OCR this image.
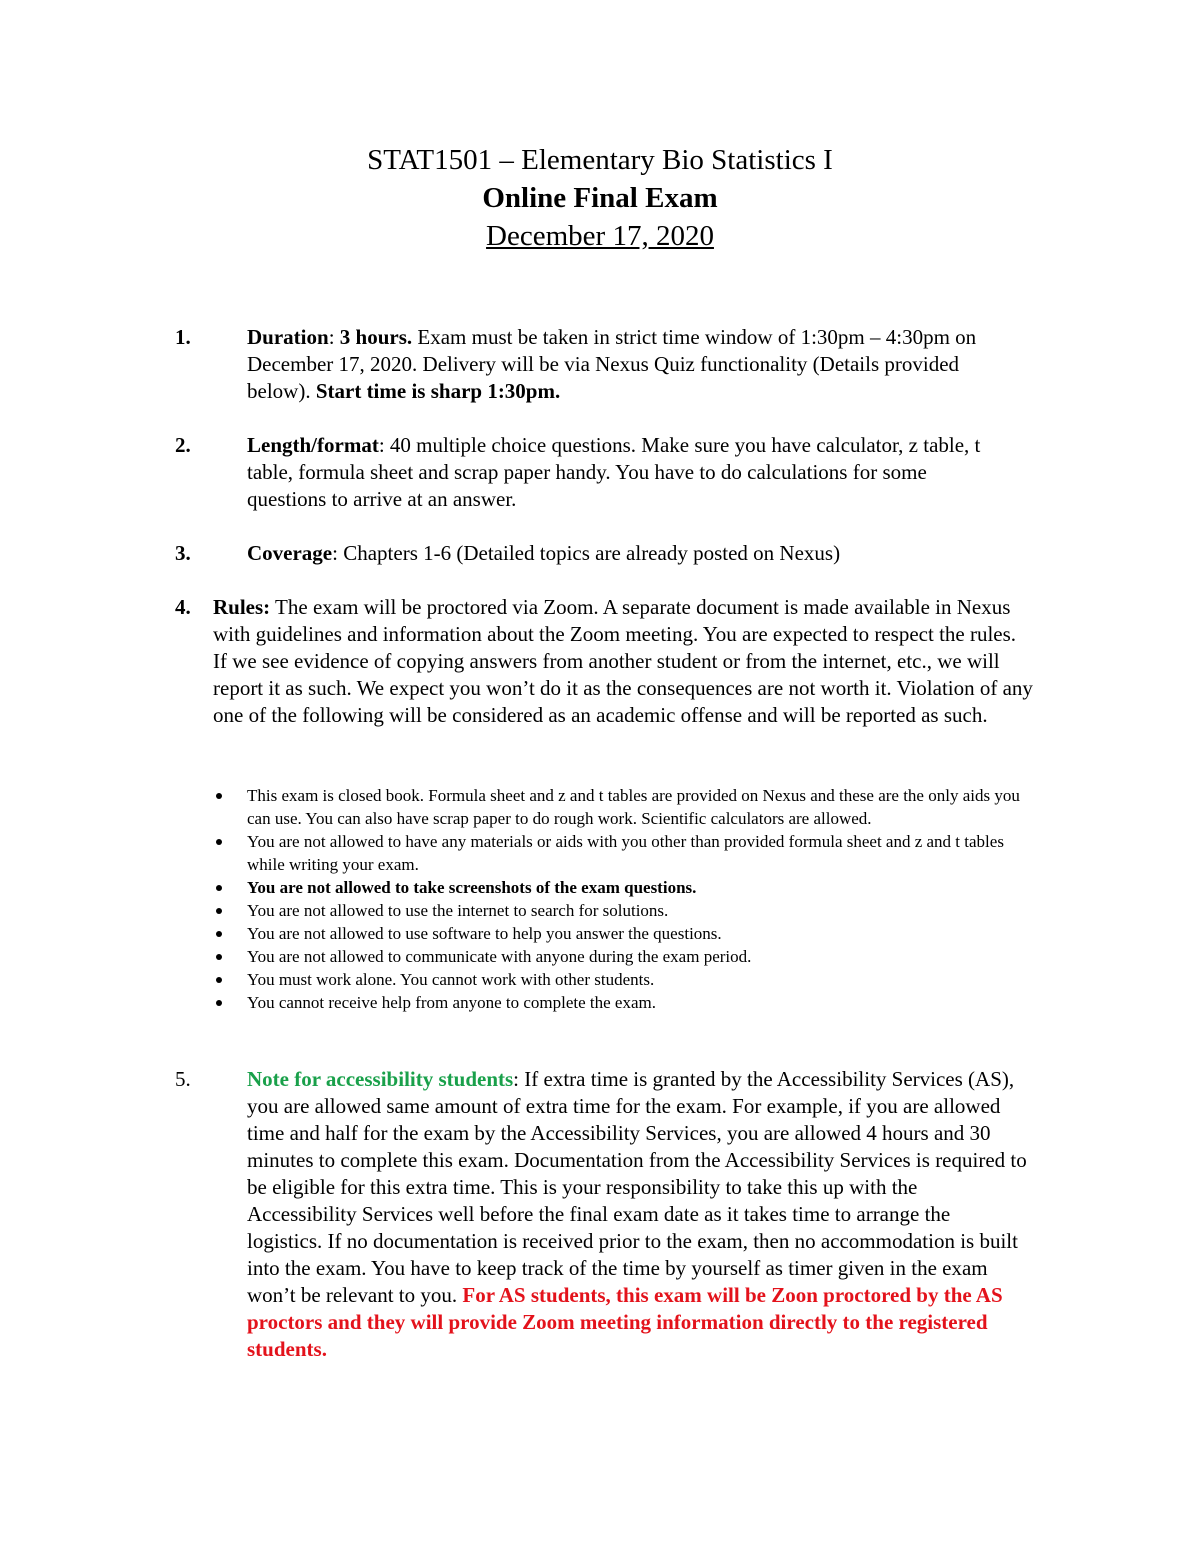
STAT1501 – Elementary Bio Statistics I
Online Final Exam
December 17, 2020
1.	Duration: 3 hours. Exam must be taken in strict time window of 1:30pm – 4:30pm on December 17, 2020. Delivery will be via Nexus Quiz functionality (Details provided below). Start time is sharp 1:30pm.
2.	Length/format: 40 multiple choice questions. Make sure you have calculator, z table, t table, formula sheet and scrap paper handy. You have to do calculations for some questions to arrive at an answer.
3.	Coverage: Chapters 1-6 (Detailed topics are already posted on Nexus)
4. Rules: The exam will be proctored via Zoom. A separate document is made available in Nexus with guidelines and information about the Zoom meeting. You are expected to respect the rules. If we see evidence of copying answers from another student or from the internet, etc., we will report it as such. We expect you won’t do it as the consequences are not worth it. Violation of any one of the following will be considered as an academic offense and will be reported as such.
This exam is closed book. Formula sheet and z and t tables are provided on Nexus and these are the only aids you can use. You can also have scrap paper to do rough work. Scientific calculators are allowed.
You are not allowed to have any materials or aids with you other than provided formula sheet and z and t tables while writing your exam.
You are not allowed to take screenshots of the exam questions.
You are not allowed to use the internet to search for solutions.
You are not allowed to use software to help you answer the questions.
You are not allowed to communicate with anyone during the exam period.
You must work alone. You cannot work with other students.
You cannot receive help from anyone to complete the exam.
5.	Note for accessibility students: If extra time is granted by the Accessibility Services (AS), you are allowed same amount of extra time for the exam. For example, if you are allowed time and half for the exam by the Accessibility Services, you are allowed 4 hours and 30 minutes to complete this exam. Documentation from the Accessibility Services is required to be eligible for this extra time. This is your responsibility to take this up with the Accessibility Services well before the final exam date as it takes time to arrange the logistics. If no documentation is received prior to the exam, then no accommodation is built into the exam. You have to keep track of the time by yourself as timer given in the exam won’t be relevant to you. For AS students, this exam will be Zoon proctored by the AS proctors and they will provide Zoom meeting information directly to the registered students.
